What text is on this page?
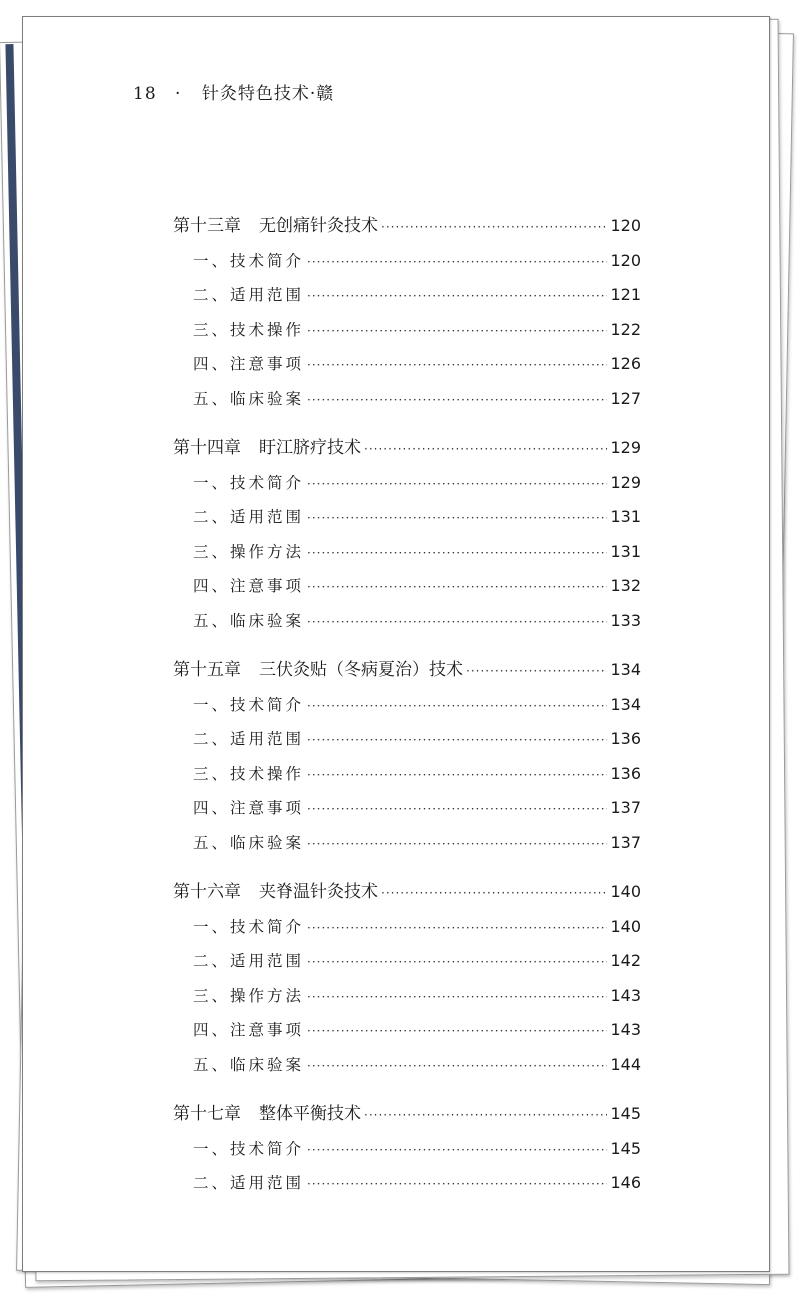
18 · 针灸特色技术·赣
第十三章 无创痛针灸技术 ·····	120
一、技术简介 ·····	120
二、适用范围 ·····	121
三、技术操作 ·····	122
四、注意事项 ·····	126
五、临床验案 ·····	127
第十四章 盱江脐疗技术 ·····	129
一、技术简介 ·····	129
二、适用范围 ·····	131
三、操作方法 ·····	131
四、注意事项 ·····	132
五、临床验案 ·····	133
第十五章 三伏灸贴（冬病夏治）技术 ·····	134
一、技术简介 ·····	134
二、适用范围 ·····	136
三、技术操作 ·····	136
四、注意事项 ·····	137
五、临床验案 ·····	137
第十六章 夹脊温针灸技术 ·····	140
一、技术简介 ·····	140
二、适用范围 ·····	142
三、操作方法 ·····	143
四、注意事项 ·····	143
五、临床验案 ·····	144
第十七章 整体平衡技术 ·····	145
一、技术简介 ·····	145
二、适用范围 ·····	146
